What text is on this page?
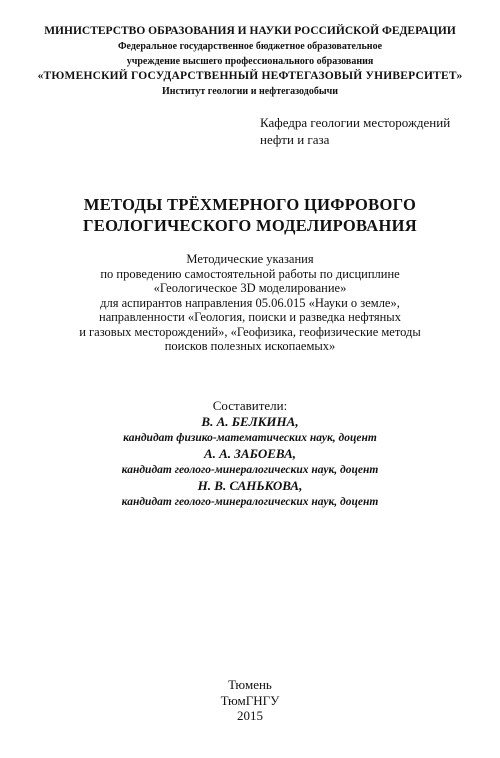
МИНИСТЕРСТВО ОБРАЗОВАНИЯ И НАУКИ РОССИЙСКОЙ ФЕДЕРАЦИИ
Федеральное государственное бюджетное образовательное
учреждение высшего профессионального образования
«ТЮМЕНСКИЙ ГОСУДАРСТВЕННЫЙ НЕФТЕГАЗОВЫЙ УНИВЕРСИТЕТ»
Институт геологии и нефтегазодобычи
Кафедра геологии месторождений
нефти и газа
МЕТОДЫ ТРЁХМЕРНОГО ЦИФРОВОГО
ГЕОЛОГИЧЕСКОГО МОДЕЛИРОВАНИЯ
Методические указания
по проведению самостоятельной работы по дисциплине
«Геологическое 3D моделирование»
для аспирантов направления 05.06.015 «Науки о земле»,
направленности «Геология, поиски и разведка нефтяных
и газовых месторождений», «Геофизика, геофизические методы
поисков полезных ископаемых»
Составители:
В. А. БЕЛКИНА,
кандидат физико-математических наук, доцент
А. А. ЗАБОЕВА,
кандидат геолого-минералогических наук, доцент
Н. В. САНЬКОВА,
кандидат геолого-минералогических наук, доцент
Тюмень
ТюмГНГУ
2015
